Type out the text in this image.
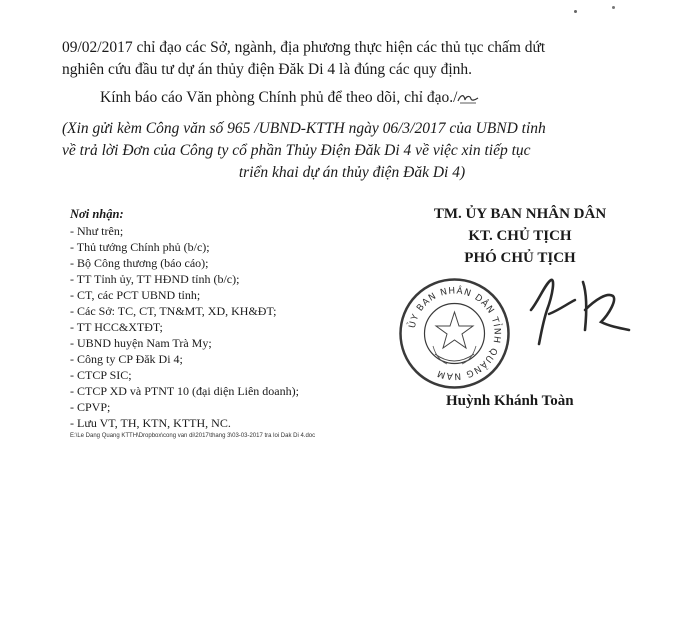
09/02/2017 chỉ đạo các Sở, ngành, địa phương thực hiện các thủ tục chấm dứt
nghiên cứu đầu tư dự án thủy điện Đăk Di 4 là đúng các quy định.
Kính báo cáo Văn phòng Chính phủ để theo dõi, chỉ đạo./
(Xin gửi kèm Công văn số 965 /UBND-KTTH ngày 06/3/2017 của UBND tỉnh
về trả lời Đơn của Công ty cổ phần Thủy Điện Đăk Di 4 về việc xin tiếp tục
triển khai dự án thủy điện Đăk Di 4)
Nơi nhận:
- Như trên;
- Thủ tướng Chính phủ (b/c);
- Bộ Công thương (báo cáo);
- TT Tỉnh ủy, TT HĐND tỉnh (b/c);
- CT, các PCT UBND tỉnh;
- Các Sở: TC, CT, TN&MT, XD, KH&ĐT;
- TT HCC&XTĐT;
- UBND huyện Nam Trà My;
- Công ty CP Đăk Di 4;
- CTCP SIC;
- CTCP XD và PTNT 10 (đại diện Liên doanh);
- CPVP;
- Lưu VT, TH, KTN, KTTH, NC.
E:\Le Dang Quang KTTH\Dropbox\cong van di\2017\thang 3\03-03-2017 tra loi Dak Di 4.doc
TM. ỦY BAN NHÂN DÂN
KT. CHỦ TỊCH
PHÓ CHỦ TỊCH
ỦY BAN NHÂN DÂN TỈNH QUẢNG NAM
Huỳnh Khánh Toàn
